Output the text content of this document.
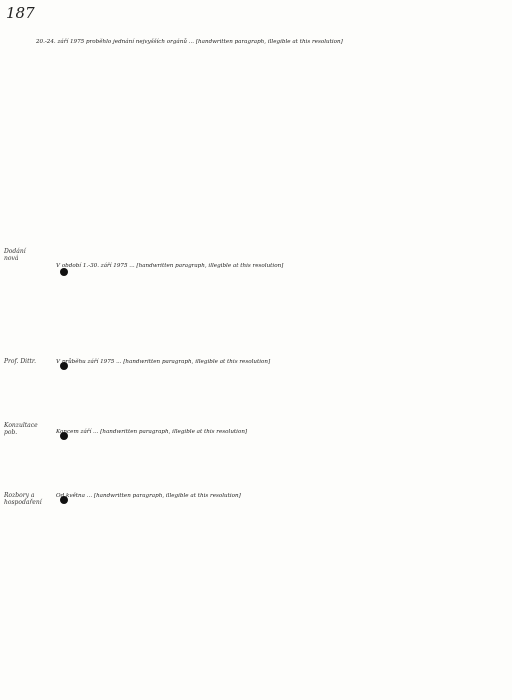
187

20.-24. září 1975 proběhlo jednání nejvyšších orgánů ... [handwritten paragraph, illegible at this resolution]

Dodání nová

V období 1.-30. září 1975 ... [handwritten paragraph, illegible at this resolution]

Prof. Dittr.	V průběhu září 1975 ... [handwritten paragraph, illegible at this resolution]

Konzultace pob.	Koncem září ... [handwritten paragraph, illegible at this resolution]

Rozbory a hospodaření

Od května ... [handwritten paragraph, illegible at this resolution]
